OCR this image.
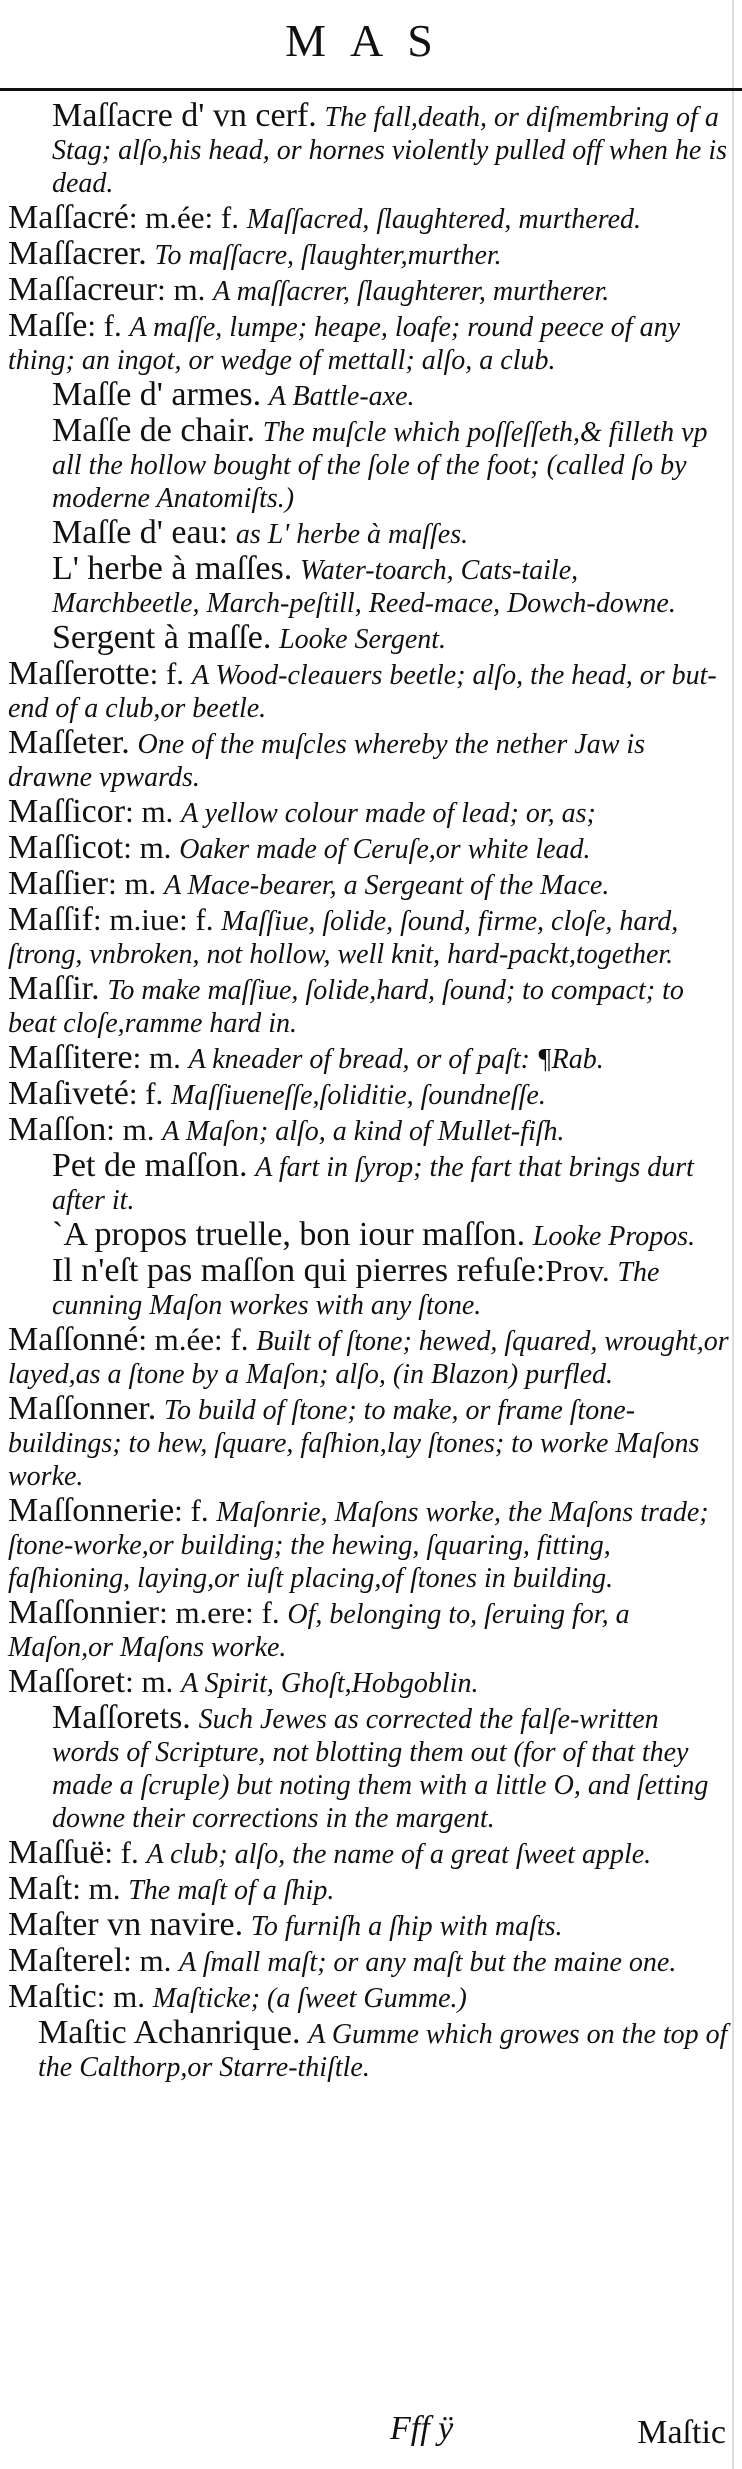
MAS

Maſſacre d' vn cerf. The fall,death, or diſmembring of a Stag; alſo,his head, or hornes violently pulled off when he is dead.

Maſſacré: m.ée: f. Maſſacred, ſlaughtered, murthered.

Maſſacrer. To maſſacre, ſlaughter,murther.

Maſſacreur: m. A maſſacrer, ſlaughterer, murtherer.

Maſſe: f. A maſſe, lumpe; heape, loafe; round peece of any thing; an ingot, or wedge of mettall; alſo, a club.

Maſſe d' armes. A Battle-axe.

Maſſe de chair. The muſcle which poſſeſſeth,& filleth vp all the hollow bought of the ſole of the foot; (called ſo by moderne Anatomiſts.)

Maſſe d' eau: as L' herbe à maſſes.

L' herbe à maſſes. Water-toarch, Cats-taile, Marchbeetle, March-peſtill, Reed-mace, Dowch-downe.

Sergent à maſſe. Looke Sergent.

Maſſerotte: f. A Wood-cleauers beetle; alſo, the head, or but-end of a club,or beetle.

Maſſeter. One of the muſcles whereby the nether Jaw is drawne vpwards.

Maſſicor: m. A yellow colour made of lead; or, as;

Maſſicot: m. Oaker made of Ceruſe,or white lead.

Maſſier: m. A Mace-bearer, a Sergeant of the Mace.

Maſſif: m.iue: f. Maſſiue, ſolide, ſound, firme, cloſe, hard, ſtrong, vnbroken, not hollow, well knit, hard-packt,together.

Maſſir. To make maſſiue, ſolide,hard, ſound; to compact; to beat cloſe,ramme hard in.

Maſſitere: m. A kneader of bread, or of paſt: ¶Rab.

Maſiveté: f. Maſſiueneſſe,ſoliditie, ſoundneſſe.

Maſſon: m. A Maſon; alſo, a kind of Mullet-fiſh.

Pet de maſſon. A fart in ſyrop; the fart that brings durt after it.

`A propos truelle, bon iour maſſon. Looke Propos.

Il n'eſt pas maſſon qui pierres refuſe:Prov. The cunning Maſon workes with any ſtone.

Maſſonné: m.ée: f. Built of ſtone; hewed, ſquared, wrought,or layed,as a ſtone by a Maſon; alſo, (in Blazon) purfled.

Maſſonner. To build of ſtone; to make, or frame ſtone-buildings; to hew, ſquare, faſhion,lay ſtones; to worke Maſons worke.

Maſſonnerie: f. Maſonrie, Maſons worke, the Maſons trade; ſtone-worke,or building; the hewing, ſquaring, fitting, faſhioning, laying,or iuſt placing,of ſtones in building.

Maſſonnier: m.ere: f. Of, belonging to, ſeruing for, a Maſon,or Maſons worke.

Maſſoret: m. A Spirit, Ghoſt,Hobgoblin.

Maſſorets. Such Jewes as corrected the falſe-written words of Scripture, not blotting them out (for of that they made a ſcruple) but noting them with a little O, and ſetting downe their corrections in the margent.

Maſſuë: f. A club; alſo, the name of a great ſweet apple.

Maſt: m. The maſt of a ſhip.

Maſter vn navire. To furniſh a ſhip with maſts.

Maſterel: m. A ſmall maſt; or any maſt but the maine one.

Maſtic: m. Maſticke; (a ſweet Gumme.)

Maſtic Achanrique. A Gumme which growes on the top of the Calthorp,or Starre-thiſtle.

Fff ÿ	Maſtic
